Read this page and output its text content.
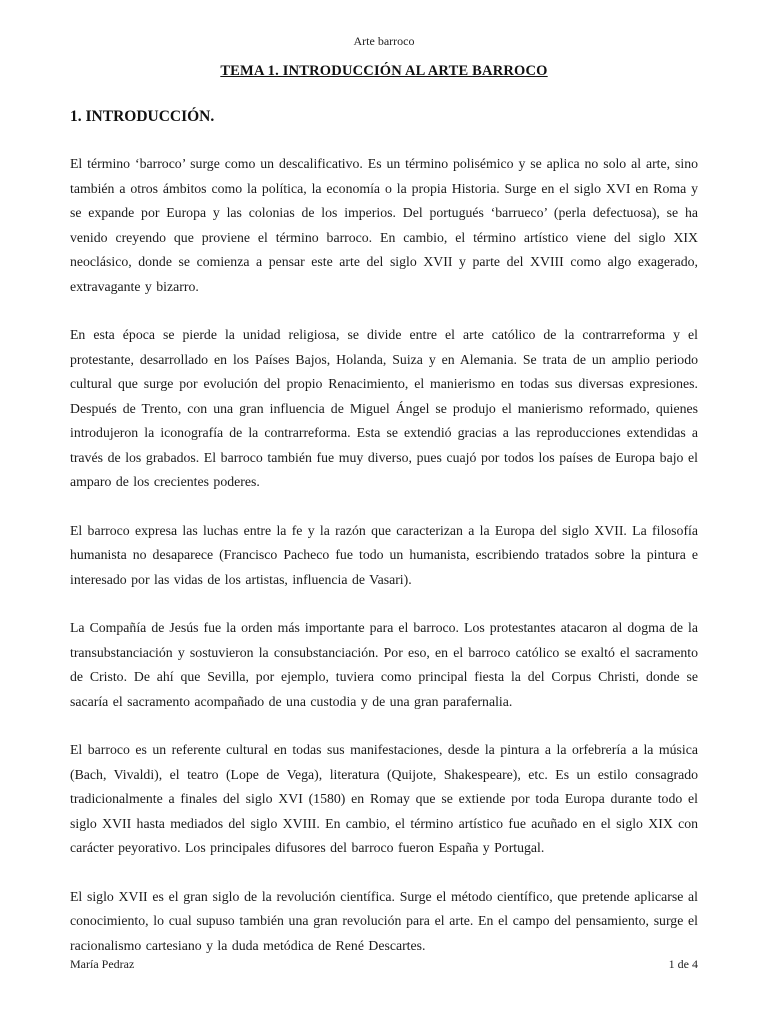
Arte barroco
TEMA 1. INTRODUCCIÓN AL ARTE BARROCO
1. INTRODUCCIÓN.

El término ‘barroco’ surge como un descalificativo. Es un término polisémico y se aplica no solo al arte, sino también a otros ámbitos como la política, la economía o la propia Historia. Surge en el siglo XVI en Roma y se expande por Europa y las colonias de los imperios. Del portugués ‘barrueco’ (perla defectuosa), se ha venido creyendo que proviene el término barroco. En cambio, el término artístico viene del siglo XIX neoclásico, donde se comienza a pensar este arte del siglo XVII y parte del XVIII como algo exagerado, extravagante y bizarro.

En esta época se pierde la unidad religiosa, se divide entre el arte católico de la contrarreforma y el protestante, desarrollado en los Países Bajos, Holanda, Suiza y en Alemania. Se trata de un amplio periodo cultural que surge por evolución del propio Renacimiento, el manierismo en todas sus diversas expresiones. Después de Trento, con una gran influencia de Miguel Ángel se produjo el manierismo reformado, quienes introdujeron la iconografía de la contrarreforma. Esta se extendió gracias a las reproducciones extendidas a través de los grabados. El barroco también fue muy diverso, pues cuajó por todos los países de Europa bajo el amparo de los crecientes poderes.

El barroco expresa las luchas entre la fe y la razón que caracterizan a la Europa del siglo XVII. La filosofía humanista no desaparece (Francisco Pacheco fue todo un humanista, escribiendo tratados sobre la pintura e interesado por las vidas de los artistas, influencia de Vasari).

La Compañía de Jesús fue la orden más importante para el barroco. Los protestantes atacaron al dogma de la transubstanciación y sostuvieron la consubstanciación. Por eso, en el barroco católico se exaltó el sacramento de Cristo. De ahí que Sevilla, por ejemplo, tuviera como principal fiesta la del Corpus Christi, donde se sacaría el sacramento acompañado de una custodia y de una gran parafernalia.

El barroco es un referente cultural en todas sus manifestaciones, desde la pintura a la orfebrería a la música (Bach, Vivaldi), el teatro (Lope de Vega), literatura (Quijote, Shakespeare), etc. Es un estilo consagrado tradicionalmente a finales del siglo XVI (1580) en Romay que se extiende por toda Europa durante todo el siglo XVII hasta mediados del siglo XVIII. En cambio, el término artístico fue acuñado en el siglo XIX con carácter peyorativo. Los principales difusores del barroco fueron España y Portugal.

El siglo XVII es el gran siglo de la revolución científica. Surge el método científico, que pretende aplicarse al conocimiento, lo cual supuso también una gran revolución para el arte. En el campo del pensamiento, surge el racionalismo cartesiano y la duda metódica de René Descartes.

María Pedraz	1 de 4
